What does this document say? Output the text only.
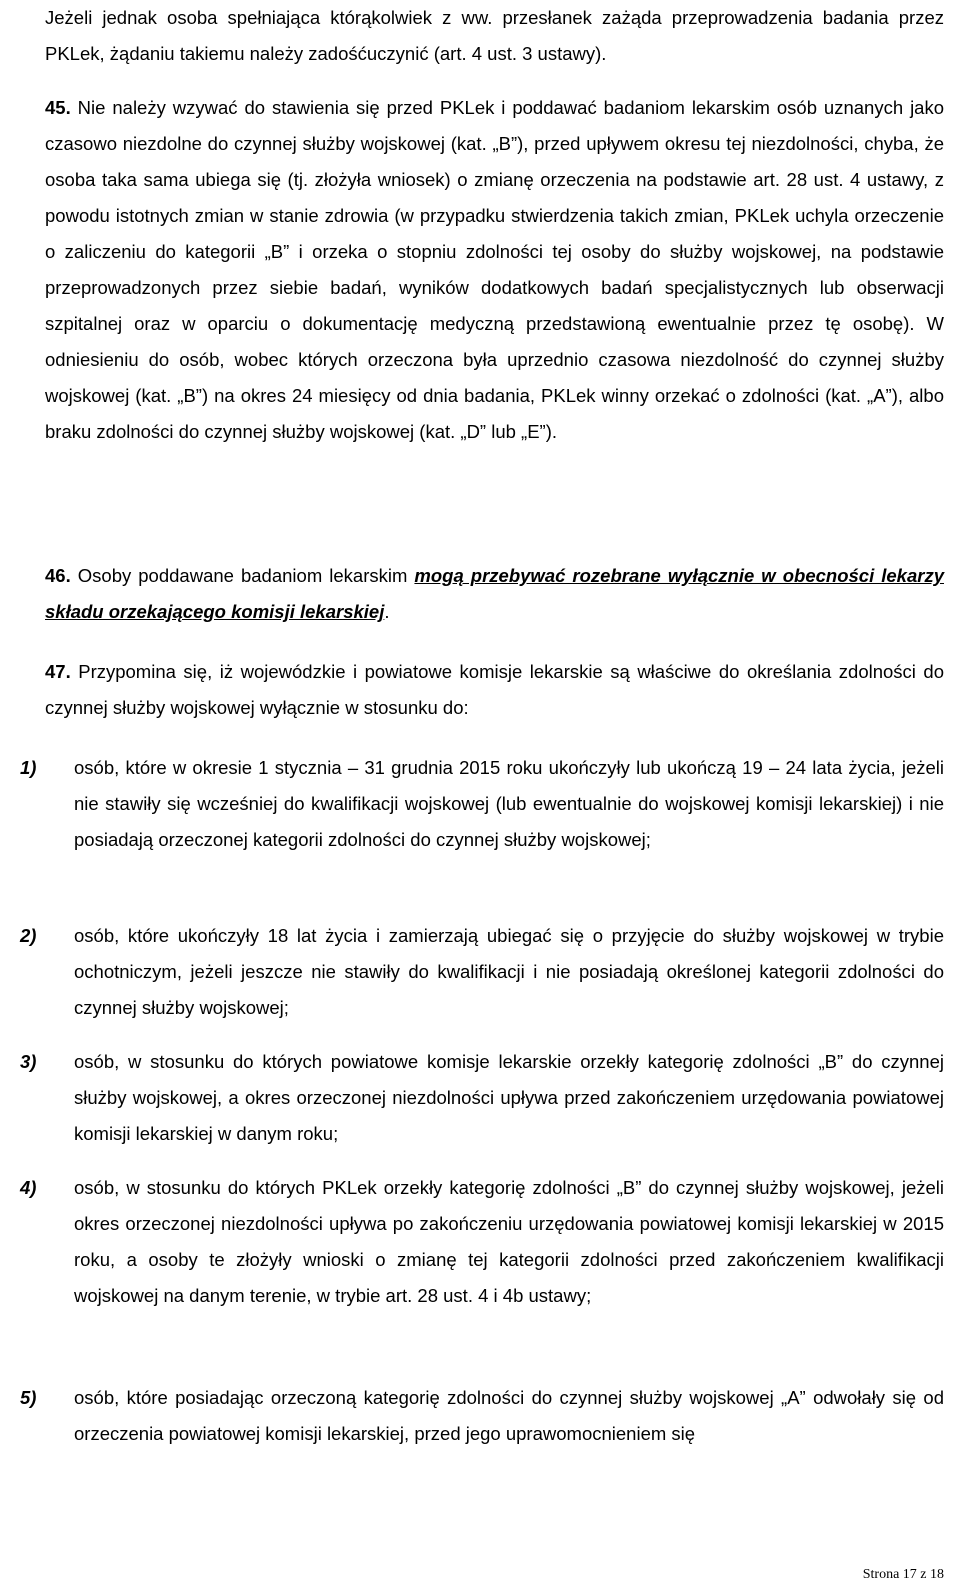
Jeżeli jednak osoba spełniająca którąkolwiek z ww. przesłanek zażąda przeprowadzenia badania przez PKLek, żądaniu takiemu należy zadośćuczynić (art. 4 ust. 3 ustawy).

45. Nie należy wzywać do stawienia się przed PKLek i poddawać badaniom lekarskim osób uznanych jako czasowo niezdolne do czynnej służby wojskowej (kat. „B”), przed upływem okresu tej niezdolności, chyba, że osoba taka sama ubiega się (tj. złożyła wniosek) o zmianę orzeczenia na podstawie art. 28 ust. 4 ustawy, z powodu istotnych zmian w stanie zdrowia (w przypadku stwierdzenia takich zmian, PKLek uchyla orzeczenie o zaliczeniu do kategorii „B” i orzeka o stopniu zdolności tej osoby do służby wojskowej, na podstawie przeprowadzonych przez siebie badań, wyników dodatkowych badań specjalistycznych lub obserwacji szpitalnej oraz w oparciu o dokumentację medyczną przedstawioną ewentualnie przez tę osobę). W odniesieniu do osób, wobec których orzeczona była uprzednio czasowa niezdolność do czynnej służby wojskowej (kat. „B”) na okres 24 miesięcy od dnia badania, PKLek winny orzekać o zdolności (kat. „A”), albo braku zdolności do czynnej służby wojskowej (kat. „D” lub „E”).

46. Osoby poddawane badaniom lekarskim mogą przebywać rozebrane wyłącznie w obecności lekarzy składu orzekającego komisji lekarskiej.

47. Przypomina się, iż wojewódzkie i powiatowe komisje lekarskie są właściwe do określania zdolności do czynnej służby wojskowej wyłącznie w stosunku do:

1)	osób, które w okresie 1 stycznia – 31 grudnia 2015 roku ukończyły lub ukończą 19 – 24 lata życia, jeżeli nie stawiły się wcześniej do kwalifikacji wojskowej (lub ewentualnie do wojskowej komisji lekarskiej) i nie posiadają orzeczonej kategorii zdolności do czynnej służby wojskowej;
2)	osób, które ukończyły 18 lat życia i zamierzają ubiegać się o przyjęcie do służby wojskowej w trybie ochotniczym, jeżeli jeszcze nie stawiły do kwalifikacji i nie posiadają określonej kategorii zdolności do czynnej służby wojskowej;
3)	osób, w stosunku do których powiatowe komisje lekarskie orzekły kategorię zdolności „B” do czynnej służby wojskowej, a okres orzeczonej niezdolności upływa przed zakończeniem urzędowania powiatowej komisji lekarskiej w danym roku;
4)	osób, w stosunku do których PKLek orzekły kategorię zdolności „B” do czynnej służby wojskowej, jeżeli okres orzeczonej niezdolności upływa po zakończeniu urzędowania powiatowej komisji lekarskiej w 2015 roku, a osoby te złożyły wnioski o zmianę tej kategorii zdolności przed zakończeniem kwalifikacji wojskowej na danym terenie, w trybie art. 28 ust. 4 i 4b ustawy;
5)	osób, które posiadając orzeczoną kategorię zdolności do czynnej służby wojskowej „A” odwołały się od orzeczenia powiatowej komisji lekarskiej, przed jego uprawomocnieniem się
Strona 17 z 18
